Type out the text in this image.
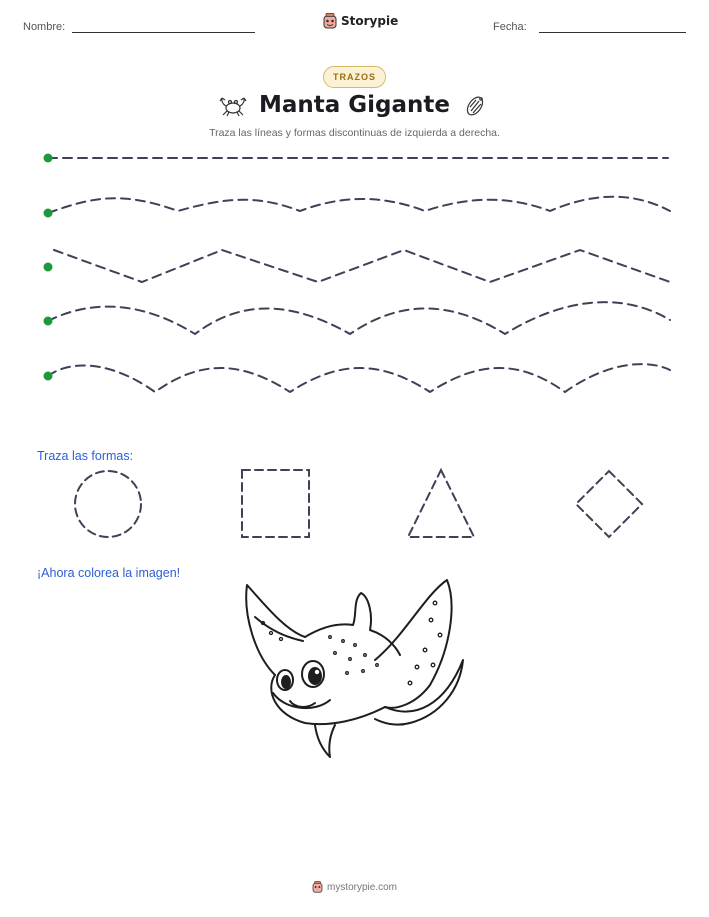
Nombre:	Storypie	Fecha:
TRAZOS
Manta Gigante
Traza las líneas y formas discontinuas de izquierda a derecha.
Traza las formas:
¡Ahora colorea la imagen!
mystorypie.com
